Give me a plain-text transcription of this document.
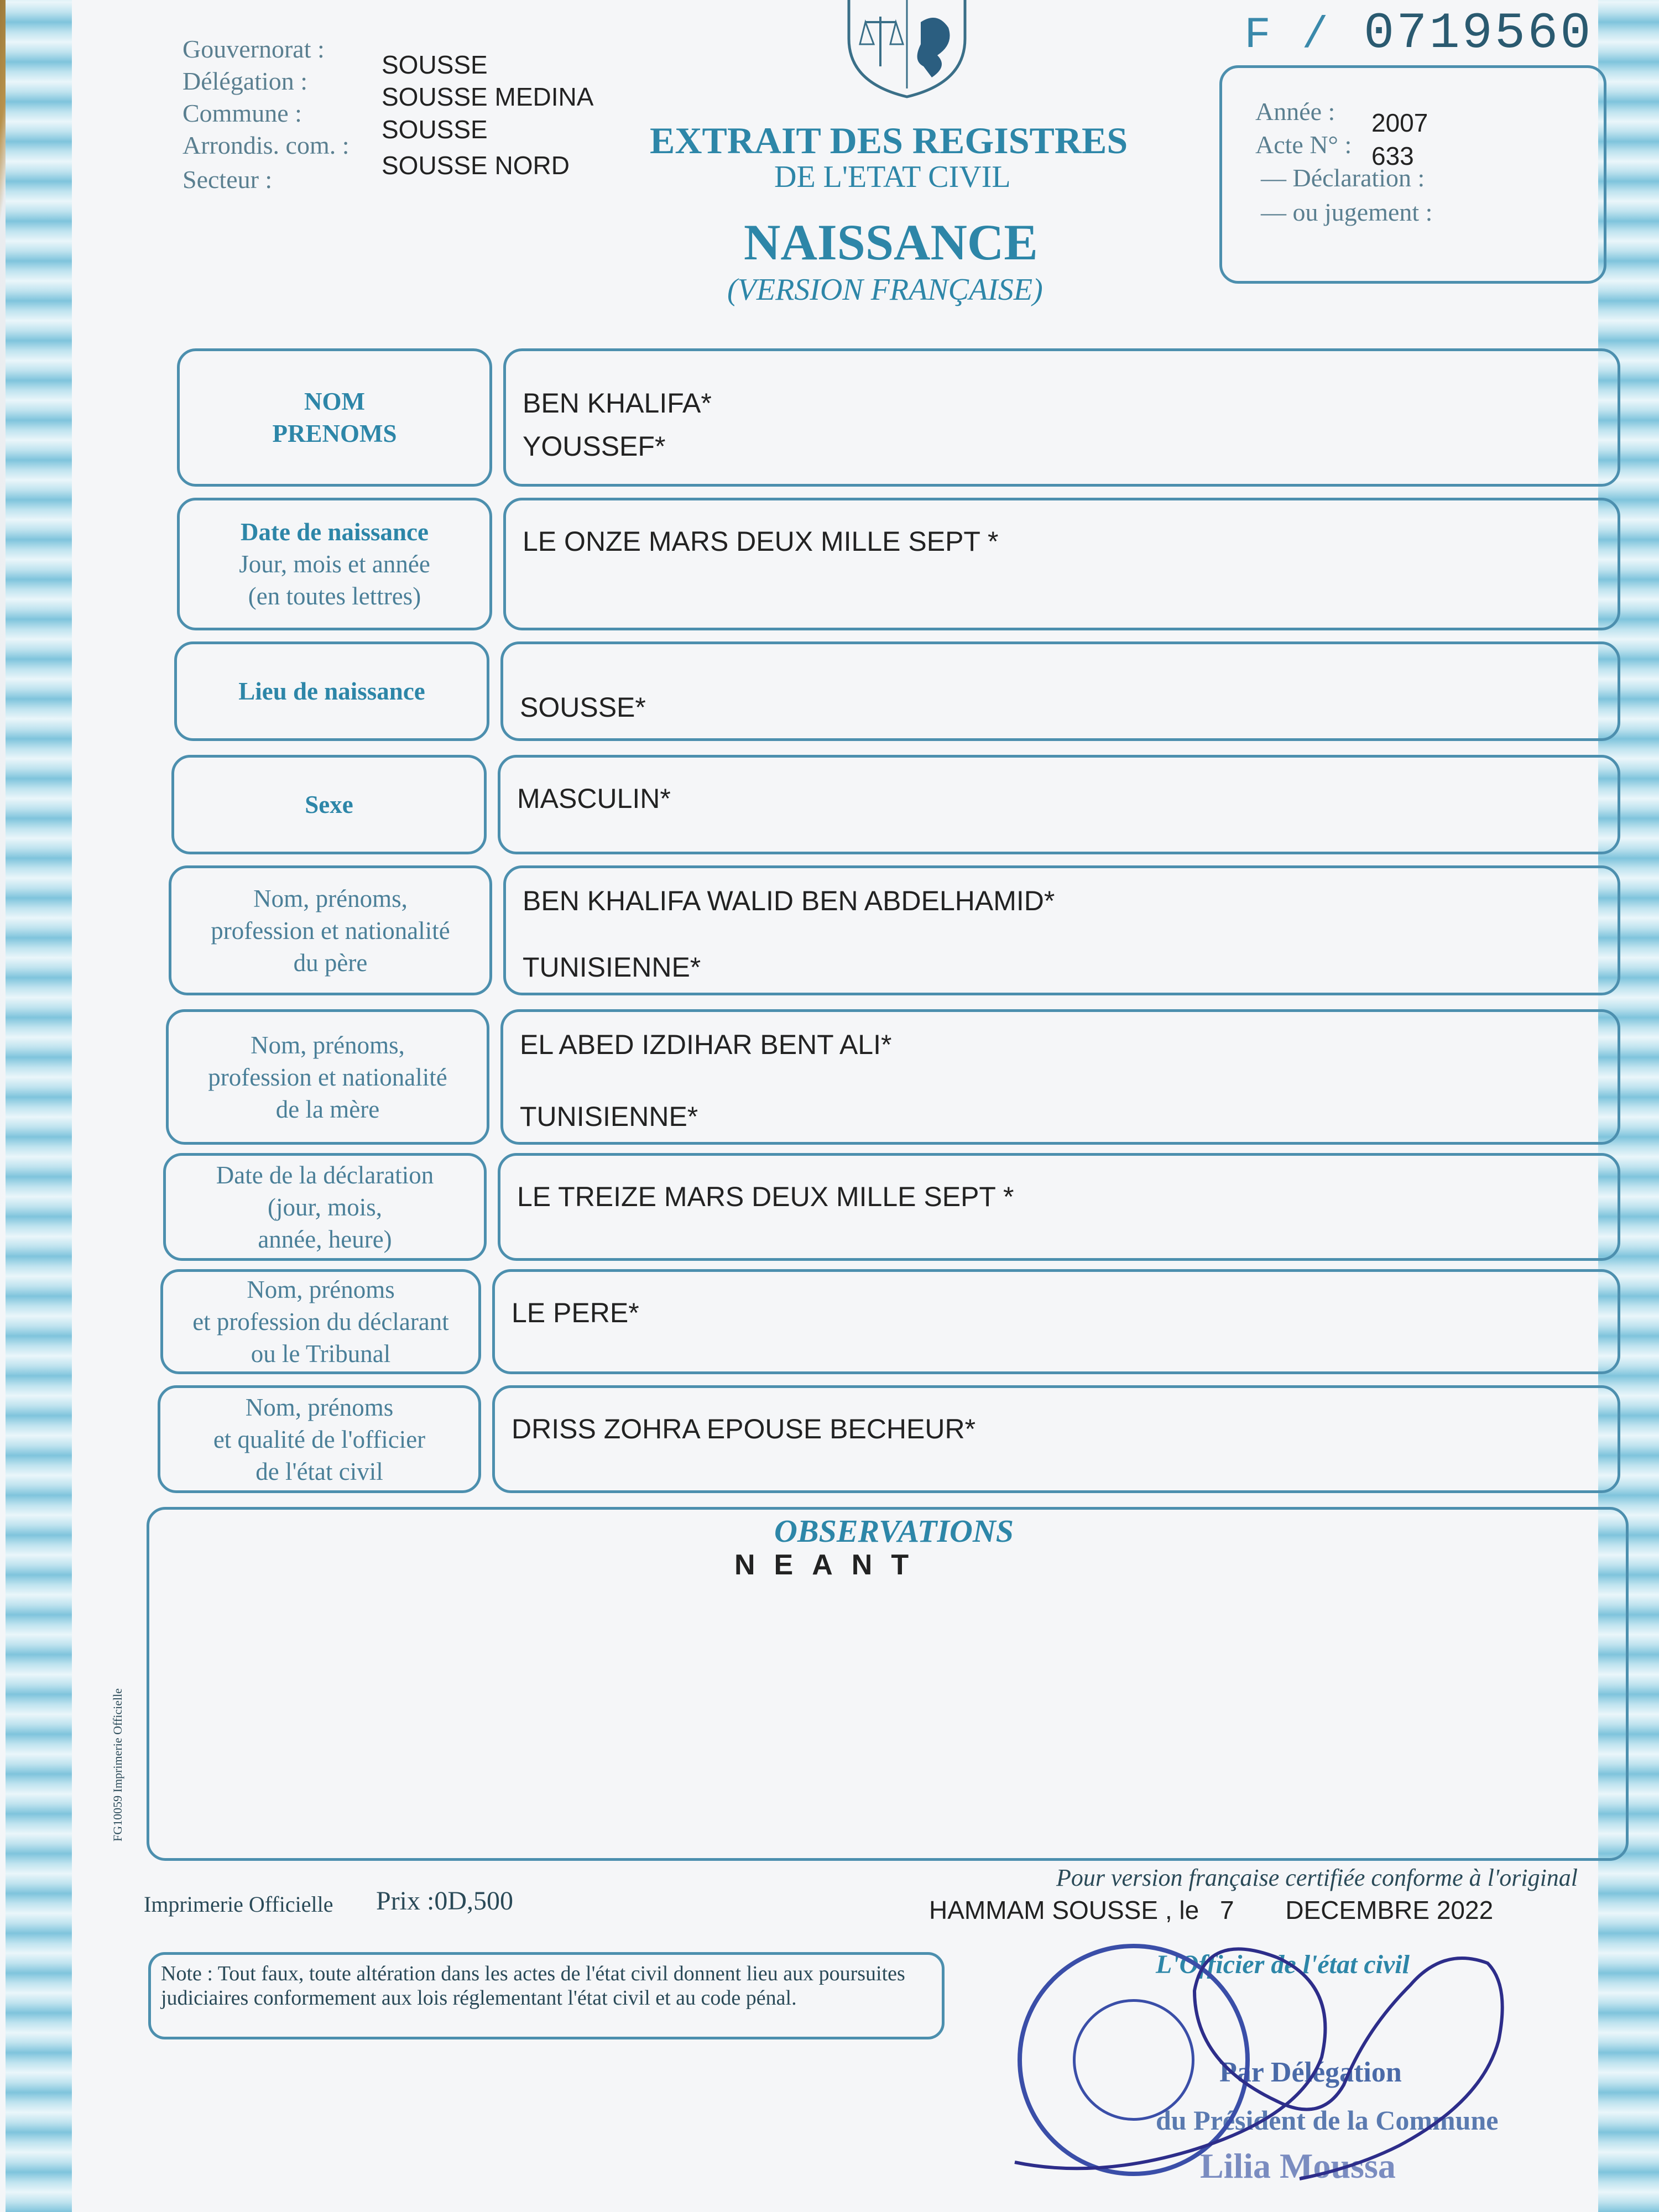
F / 0719560
Gouvernorat :
Délégation :
Commune :
Arrondis. com. :
Secteur :
SOUSSE
SOUSSE MEDINA
SOUSSE
SOUSSE NORD
EXTRAIT DES REGISTRES
DE L'ETAT CIVIL
NAISSANCE
(VERSION FRANÇAISE)
Année : 2007
Acte N° : 633
— Déclaration :
— ou jugement :
NOM
PRENOMS
BEN KHALIFA*
YOUSSEF*
Date de naissance
Jour, mois et année
(en toutes lettres)
LE ONZE MARS DEUX MILLE SEPT *
Lieu de naissance
SOUSSE*
Sexe	MASCULIN*
Nom, prénoms,
profession et nationalité
du père
BEN KHALIFA WALID BEN ABDELHAMID*
TUNISIENNE*
Nom, prénoms,
profession et nationalité
de la mère
EL ABED IZDIHAR BENT ALI*
TUNISIENNE*
Date de la déclaration
(jour, mois,
année, heure)
LE TREIZE MARS DEUX MILLE SEPT *
Nom, prénoms
et profession du déclarant
ou le Tribunal
LE PERE*
Nom, prénoms
et qualité de l'officier
de l'état civil
DRISS ZOHRA EPOUSE BECHEUR*
OBSERVATIONS
NEANT
FG10059 Imprimerie Officielle
Imprimerie Officielle Prix :0D,500
Pour version française certifiée conforme à l'original
HAMMAM SOUSSE , le 7 DECEMBRE 2022
Note : Tout faux, toute altération dans les actes de l'état civil donnent lieu aux poursuites judiciaires conformement aux lois réglementant l'état civil et au code pénal.
L'Officier de l'état civil
Par Délégation
du Président de la Commune
Lilia Moussa
